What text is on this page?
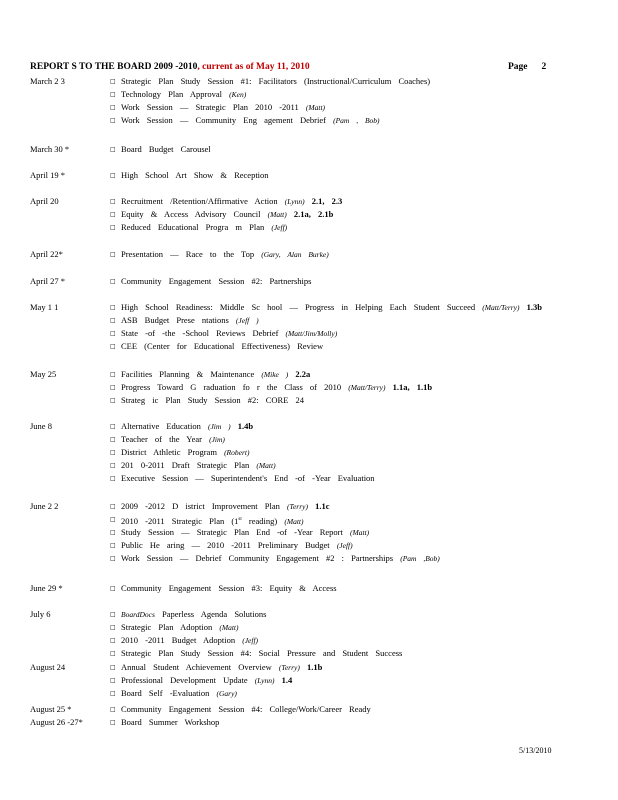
REPORT S TO THE BOARD 2009 -2010, current as of May 11, 2010	Page 2
March 2 3	□ Strategic Plan Study Session #1: Facilitators (Instructional/Curriculum Coaches)
□ Technology Plan Approval (Ken)
□ Work Session — Strategic Plan 2010 -2011 (Matt)
□ Work Session — Community Eng agement Debrief (Pam , Bob)
March 30 *	□ Board Budget Carousel
April 19 *	□ High School Art Show & Reception
April 20	□ Recruitment /Retention/Affirmative Action (Lynn) 2.1, 2.3
□ Equity & Access Advisory Council (Matt) 2.1a, 2.1b
□ Reduced Educational Progra m Plan (Jeff)
April 22*	□ Presentation — Race to the Top (Gary, Alan Burke)
April 27 *	□ Community Engagement Session #2: Partnerships
May 1 1	□ High School Readiness: Middle Sc hool — Progress in Helping Each Student Succeed (Matt/Terry) 1.3b
□ ASB Budget Prese ntations (Jeff )
□ State -of -the -School Reviews Debrief (Matt/Jim/Molly)
□ CEE (Center for Educational Effectiveness) Review
May 25	□ Facilities Planning & Maintenance (Mike ) 2.2a
□ Progress Toward G raduation fo r the Class of 2010 (Matt/Terry) 1.1a, 1.1b
□ Strateg ic Plan Study Session #2: CORE 24
June 8	□ Alternative Education (Jim ) 1.4b
□ Teacher of the Year (Jim)
□ District Athletic Program (Robert)
□ 201 0-2011 Draft Strategic Plan (Matt)
□ Executive Session — Superintendent's End -of -Year Evaluation
June 2 2	□ 2009 -2012 D istrict Improvement Plan (Terry) 1.1c
□ 2010 -2011 Strategic Plan (1st reading) (Matt)
□ Study Session — Strategic Plan End -of -Year Report (Matt)
□ Public He aring — 2010 -2011 Preliminary Budget (Jeff)
□ Work Session — Debrief Community Engagement #2 : Partnerships (Pam ,Bob)
June 29 *	□ Community Engagement Session #3: Equity & Access
July 6	□ BoardDocs Paperless Agenda Solutions
□ Strategic Plan Adoption (Matt)
□ 2010 -2011 Budget Adoption (Jeff)
□ Strategic Plan Study Session #4: Social Pressure and Student Success
August 24	□ Annual Student Achievement Overview (Terry) 1.1b
□ Professional Development Update (Lynn) 1.4
□ Board Self -Evaluation (Gary)
August 25 *	□ Community Engagement Session #4: College/Work/Career Ready
August 26 -27*	□ Board Summer Workshop
5/13/2010
